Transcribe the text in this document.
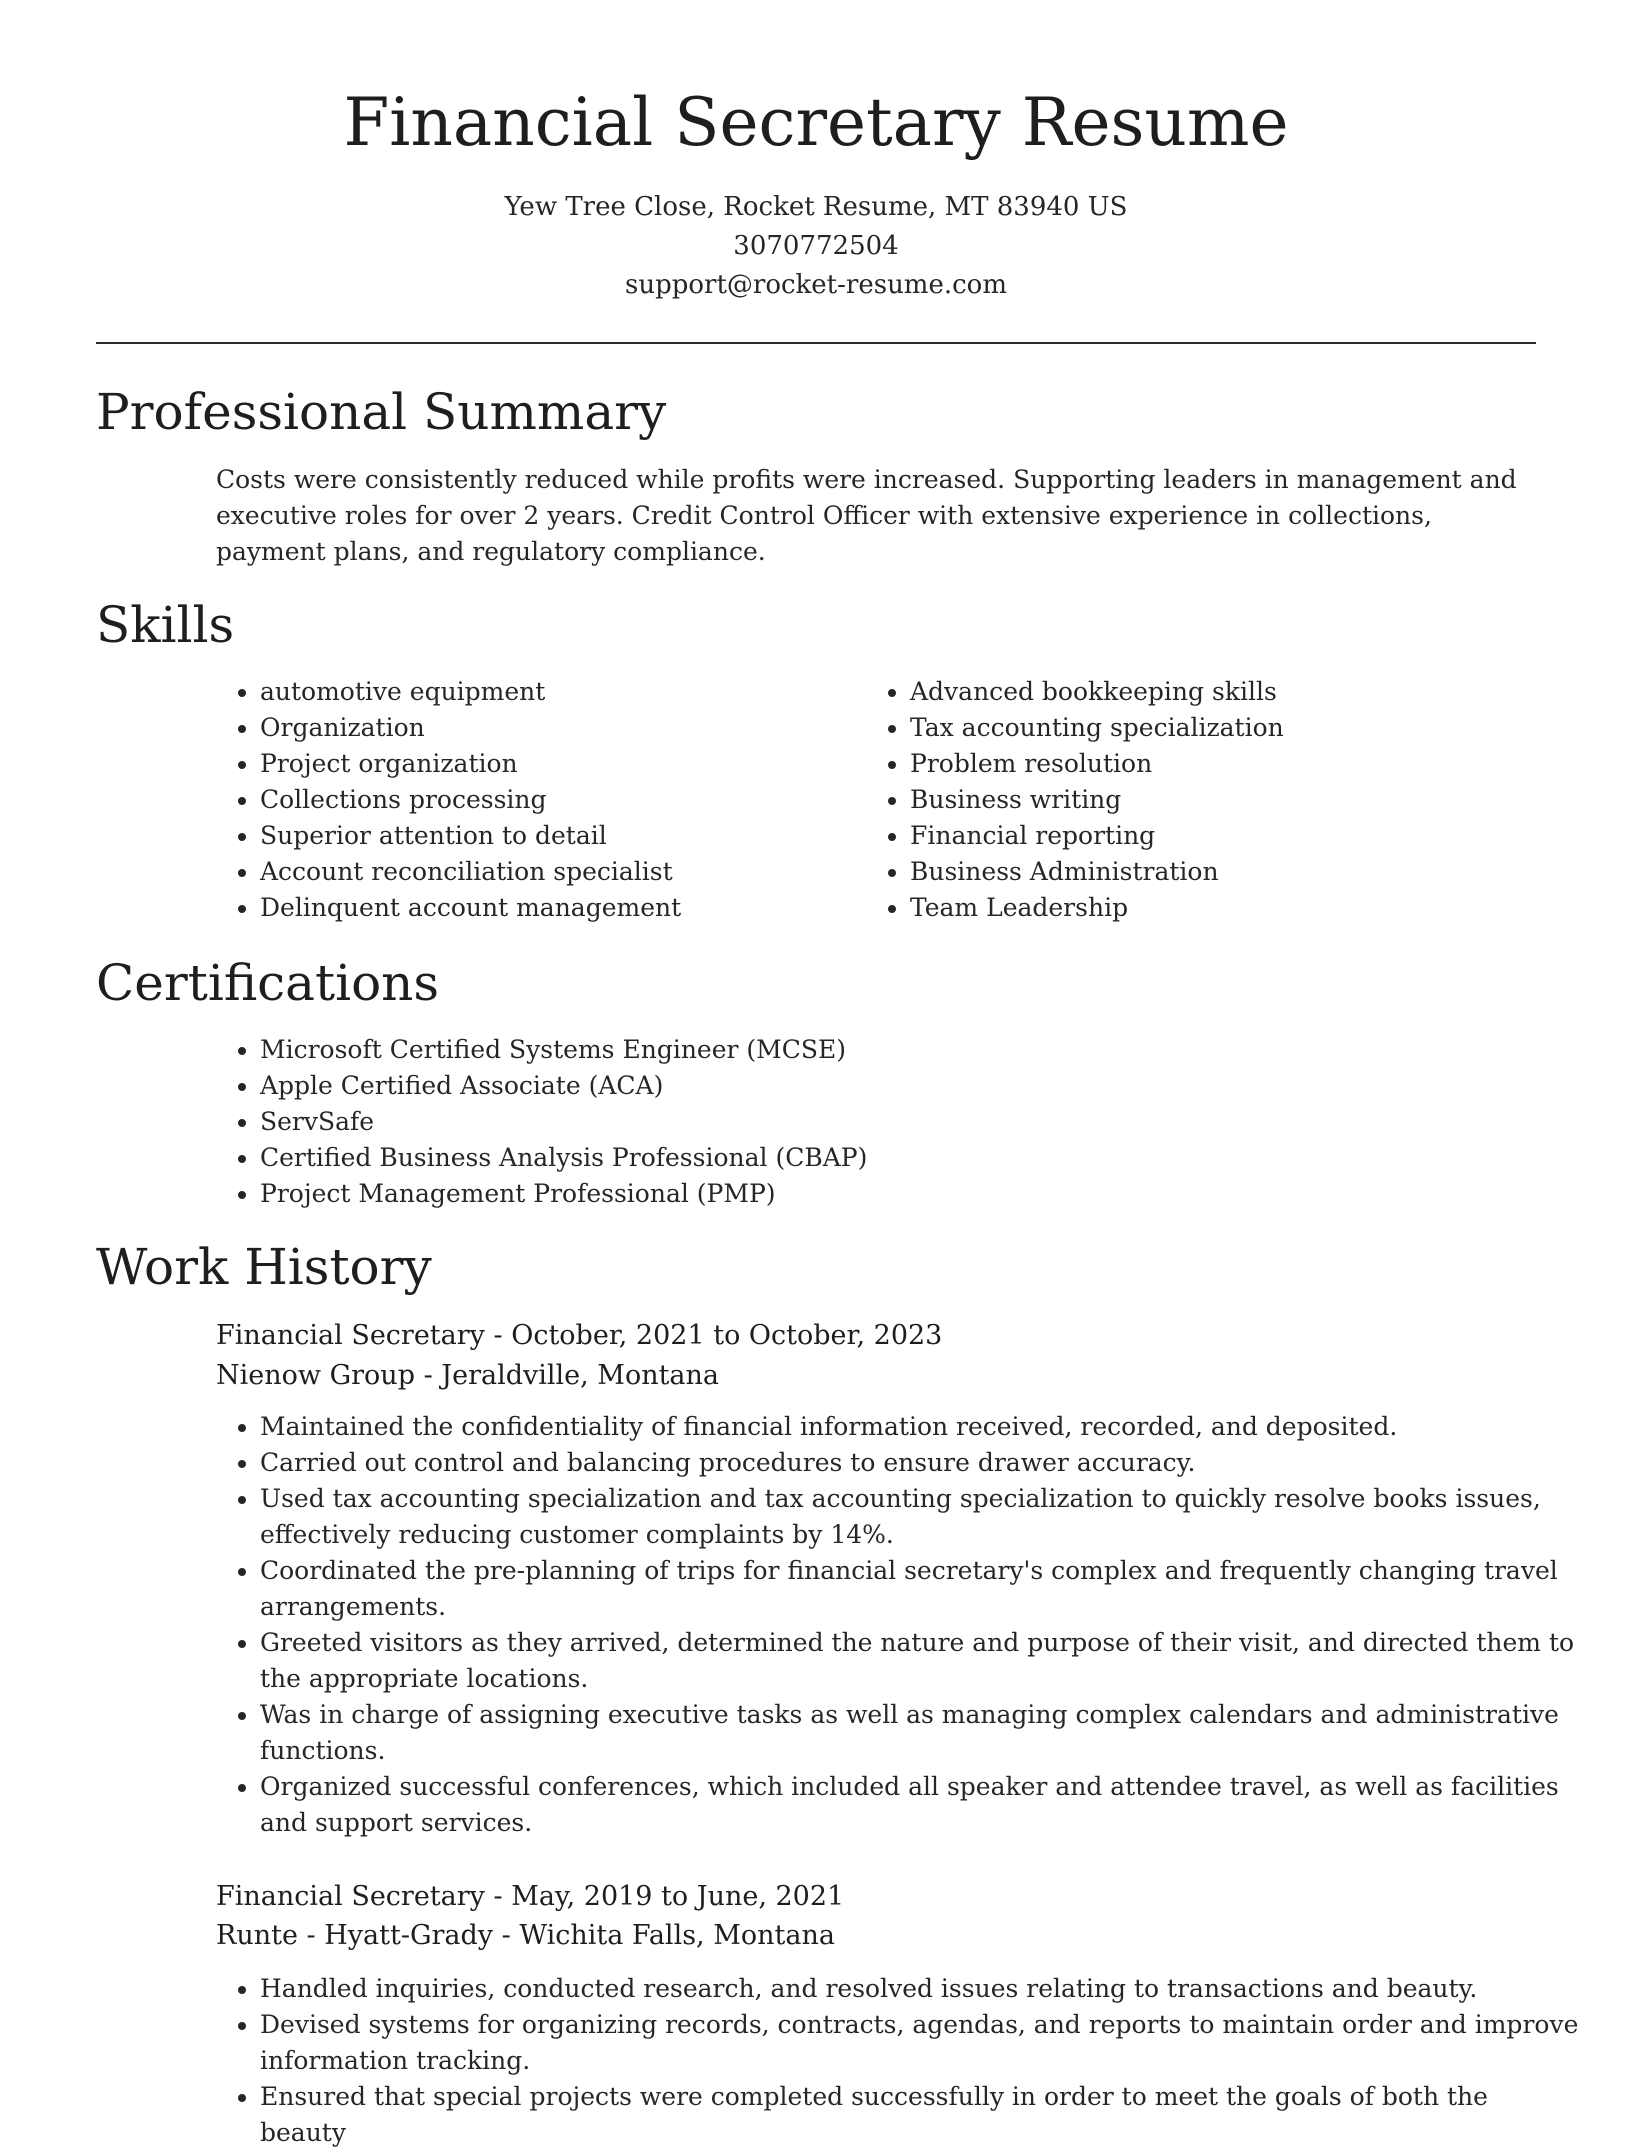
Financial Secretary Resume
Yew Tree Close, Rocket Resume, MT 83940 US
3070772504
support@rocket-resume.com
Professional Summary

Costs were consistently reduced while profits were increased. Supporting leaders in management and executive roles for over 2 years. Credit Control Officer with extensive experience in collections, payment plans, and regulatory compliance.

Skills
• automotive equipment
• Organization
• Project organization
• Collections processing
• Superior attention to detail
• Account reconciliation specialist
• Delinquent account management
• Advanced bookkeeping skills
• Tax accounting specialization
• Problem resolution
• Business writing
• Financial reporting
• Business Administration
• Team Leadership
Certifications
• Microsoft Certified Systems Engineer (MCSE)
• Apple Certified Associate (ACA)
• ServSafe
• Certified Business Analysis Professional (CBAP)
• Project Management Professional (PMP)
Work History
Financial Secretary - October, 2021 to October, 2023
Nienow Group - Jeraldville, Montana
• Maintained the confidentiality of financial information received, recorded, and deposited.
• Carried out control and balancing procedures to ensure drawer accuracy.
• Used tax accounting specialization and tax accounting specialization to quickly resolve books issues, effectively reducing customer complaints by 14%.
• Coordinated the pre-planning of trips for financial secretary's complex and frequently changing travel arrangements.
• Greeted visitors as they arrived, determined the nature and purpose of their visit, and directed them to the appropriate locations.
• Was in charge of assigning executive tasks as well as managing complex calendars and administrative functions.
• Organized successful conferences, which included all speaker and attendee travel, as well as facilities and support services.
Financial Secretary - May, 2019 to June, 2021
Runte - Hyatt-Grady - Wichita Falls, Montana
• Handled inquiries, conducted research, and resolved issues relating to transactions and beauty.
• Devised systems for organizing records, contracts, agendas, and reports to maintain order and improve information tracking.
• Ensured that special projects were completed successfully in order to meet the goals of both the beauty
